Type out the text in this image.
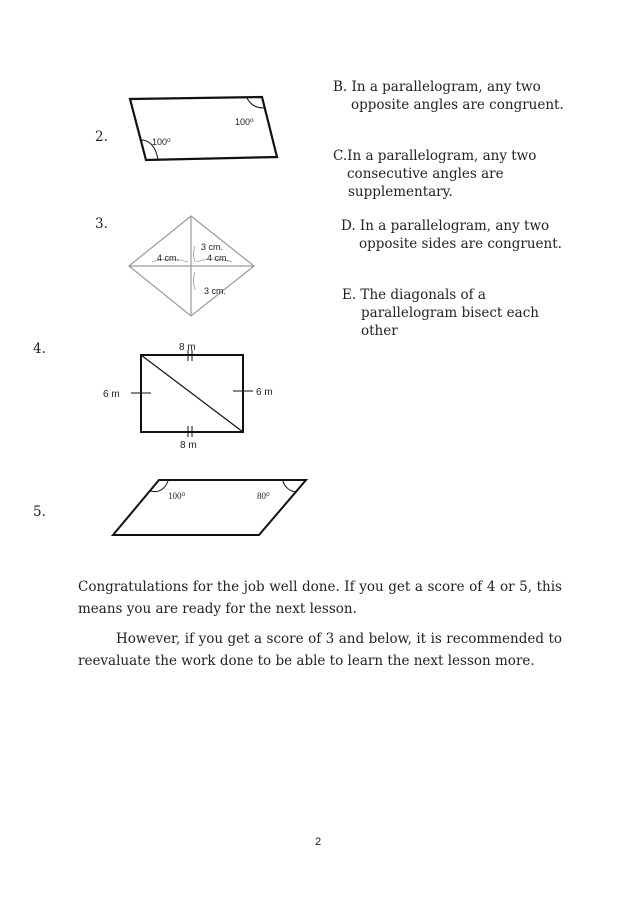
100⁰
100⁰
3 cm.
4 cm.	4 cm.
3 cm.
8 m
8 m
6 m	6 m
100⁰	80⁰
2.
3.
4.
5.
B. In a parallelogram, any two
opposite angles are congruent.
C.In a parallelogram, any two
consecutive angles are
supplementary.
D. In a parallelogram, any two
opposite sides are congruent.
E. The diagonals of a
parallelogram bisect each
other
Congratulations for the job well done. If you get a score of 4 or 5, this means you are ready for the next lesson.
However, if you get a score of 3 and below, it is recommended to reevaluate the work done to be able to learn the next lesson more.
2
